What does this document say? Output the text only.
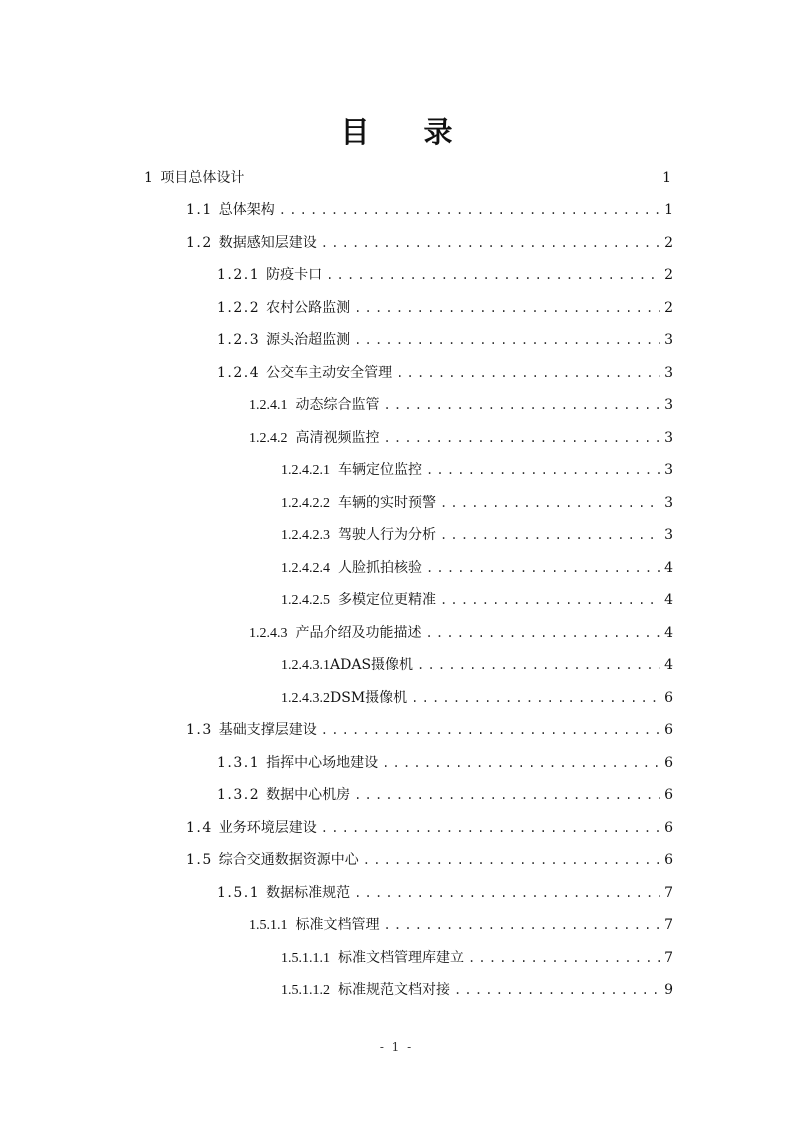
目 录
1 项目总体设计	1
1.1 总体架构 .....	1
1.2 数据感知层建设 .....	2
1.2.1 防疫卡口 .....	2
1.2.2 农村公路监测 .....	2
1.2.3 源头治超监测 .....	3
1.2.4 公交车主动安全管理 .....	3
1.2.4.1 动态综合监管 .....	3
1.2.4.2 高清视频监控 .....	3
1.2.4.2.1 车辆定位监控 .....	3
1.2.4.2.2 车辆的实时预警 .....	3
1.2.4.2.3 驾驶人行为分析 .....	3
1.2.4.2.4 人脸抓拍核验 .....	4
1.2.4.2.5 多模定位更精准 .....	4
1.2.4.3 产品介绍及功能描述 .....	4
1.2.4.3.1 ADAS摄像机 .....	4
1.2.4.3.2 DSM摄像机 .....	6
1.3 基础支撑层建设 .....	6
1.3.1 指挥中心场地建设 .....	6
1.3.2 数据中心机房 .....	6
1.4 业务环境层建设 .....	6
1.5 综合交通数据资源中心 .....	6
1.5.1 数据标准规范 .....	7
1.5.1.1 标准文档管理 .....	7
1.5.1.1.1 标准文档管理库建立 .....	7
1.5.1.1.2 标准规范文档对接 .....	9
- 1 -
